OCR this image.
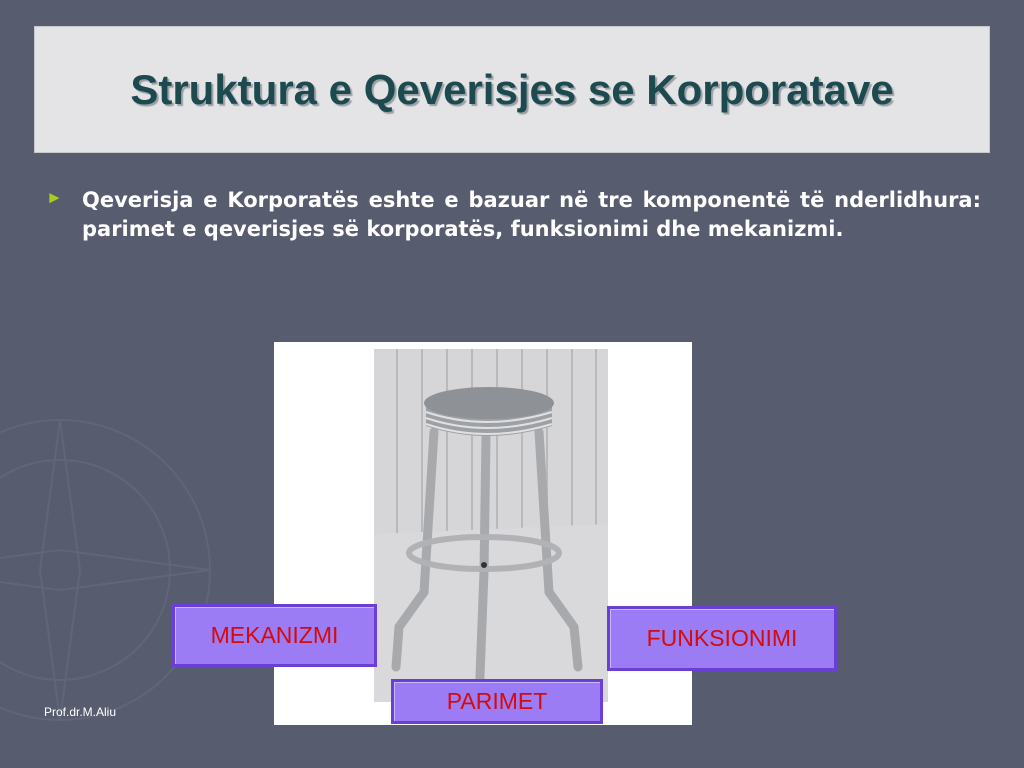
Struktura e Qeverisjes se Korporatave
► Qeverisja e Korporatës eshte e bazuar në tre komponentë të nderlidhura: parimet e qeverisjes së korporatës, funksionimi dhe mekanizmi.

MEKANIZMI	FUNKSIONIMI
PARIMET
Prof.dr.M.Aliu
